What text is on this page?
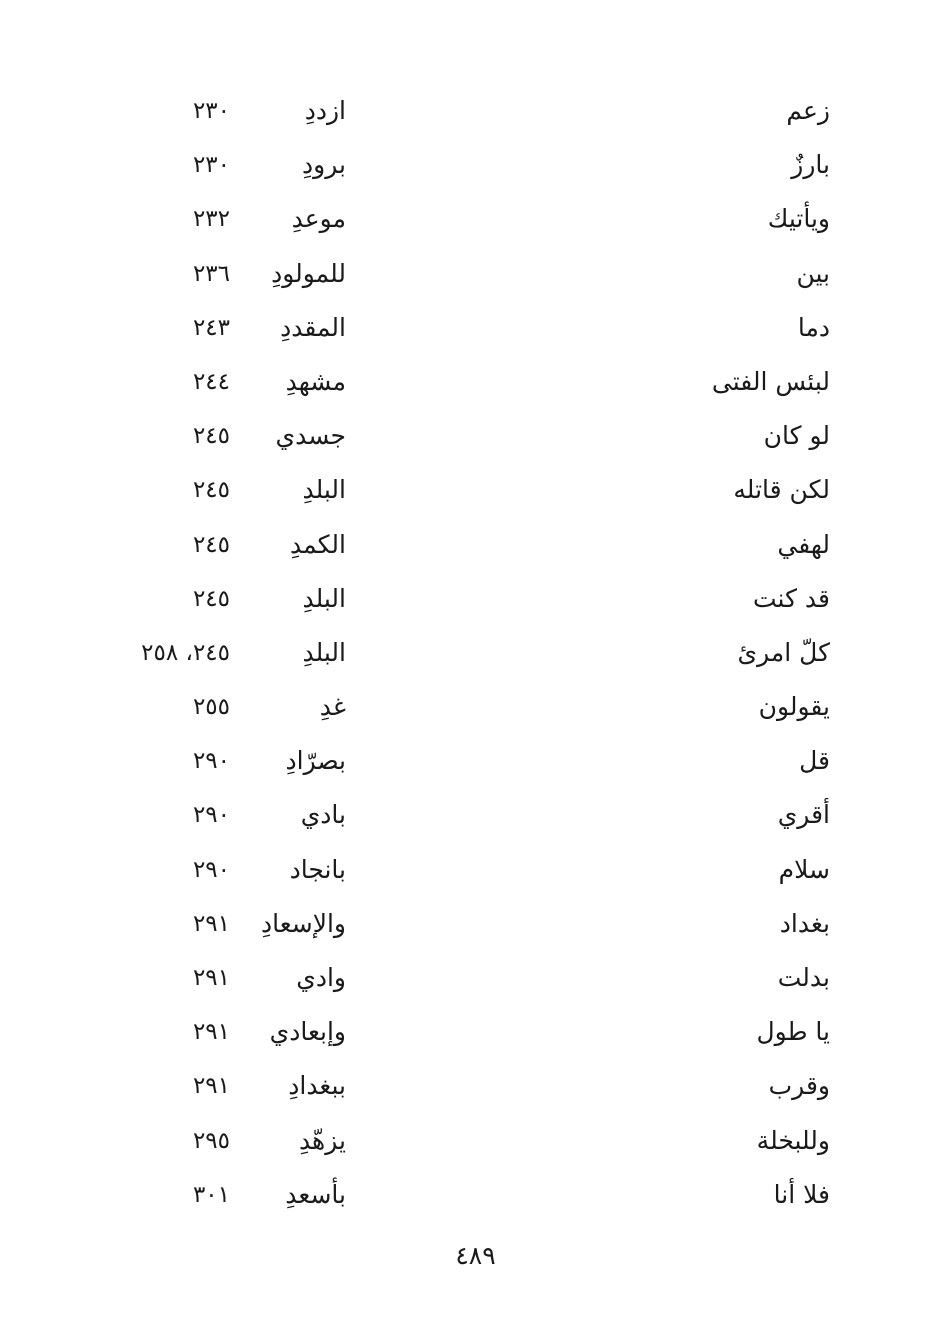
زعم
ازددِ
٢٣٠
بارزٌ
برودِ
٢٣٠
ويأتيك
موعدِ
٢٣٢
بين
للمولودِ
٢٣٦
دما
المقددِ
٢٤٣
لبئس الفتى
مشهدِ
٢٤٤
لو كان
جسدي
٢٤٥
لكن قاتله
البلدِ
٢٤٥
لهفي
الكمدِ
٢٤٥
قد كنت
البلدِ
٢٤٥
كلّ امرئ
البلدِ
٢٤٥، ٢٥٨
يقولون
غدِ
٢٥٥
قل
بصرّادِ
٢٩٠
أقري
بادي
٢٩٠
سلام
بانجاد
٢٩٠
بغداد
والإسعادِ
٢٩١
بدلت
وادي
٢٩١
يا طول
وإبعادي
٢٩١
وقرب
ببغدادِ
٢٩١
وللبخلة
يزهّدِ
٢٩٥
فلا أنا
بأسعدِ
٣٠١
٤٨٩
